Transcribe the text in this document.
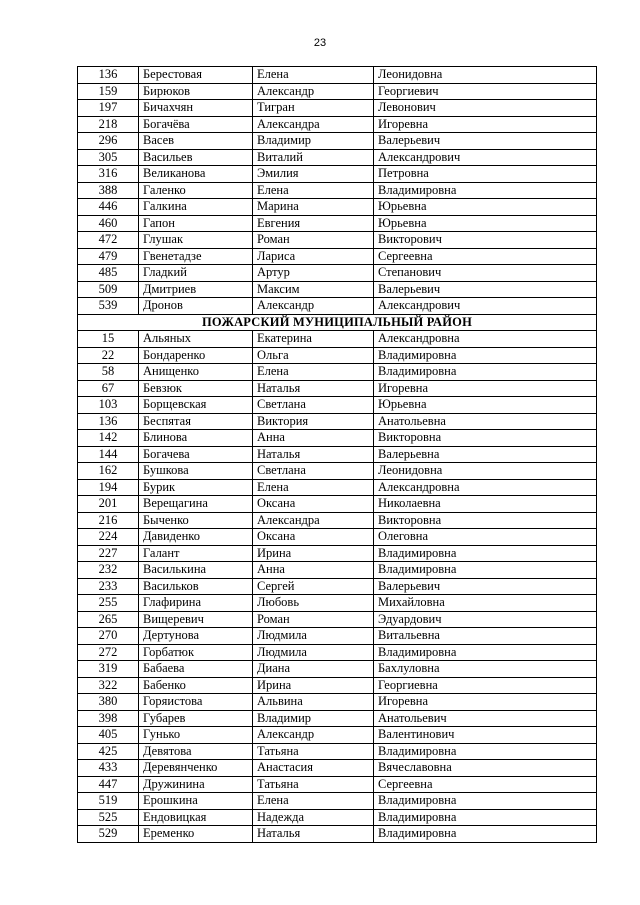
23
136	Берестовая	Елена	Леонидовна
159	Бирюков	Александр	Георгиевич
197	Бичахчян	Тигран	Левонович
218	Богачёва	Александра	Игоревна
296	Васев	Владимир	Валерьевич
305	Васильев	Виталий	Александрович
316	Великанова	Эмилия	Петровна
388	Галенко	Елена	Владимировна
446	Галкина	Марина	Юрьевна
460	Гапон	Евгения	Юрьевна
472	Глушак	Роман	Викторович
479	Гвенетадзе	Лариса	Сергеевна
485	Гладкий	Артур	Степанович
509	Дмитриев	Максим	Валерьевич
539	Дронов	Александр	Александрович
ПОЖАРСКИЙ МУНИЦИПАЛЬНЫЙ РАЙОН			
15	Альяных	Екатерина	Александровна
22	Бондаренко	Ольга	Владимировна
58	Анищенко	Елена	Владимировна
67	Бевзюк	Наталья	Игоревна
103	Борщевская	Светлана	Юрьевна
136	Беспятая	Виктория	Анатольевна
142	Блинова	Анна	Викторовна
144	Богачева	Наталья	Валерьевна
162	Бушкова	Светлана	Леонидовна
194	Бурик	Елена	Александровна
201	Верещагина	Оксана	Николаевна
216	Быченко	Александра	Викторовна
224	Давиденко	Оксана	Олеговна
227	Галант	Ирина	Владимировна
232	Василькина	Анна	Владимировна
233	Васильков	Сергей	Валерьевич
255	Глафирина	Любовь	Михайловна
265	Вищеревич	Роман	Эдуардович
270	Дертунова	Людмила	Витальевна
272	Горбатюк	Людмила	Владимировна
319	Бабаева	Диана	Бахлуловна
322	Бабенко	Ирина	Георгиевна
380	Горяистова	Альвина	Игоревна
398	Губарев	Владимир	Анатольевич
405	Гунько	Александр	Валентинович
425	Девятова	Татьяна	Владимировна
433	Деревянченко	Анастасия	Вячеславовна
447	Дружинина	Татьяна	Сергеевна
519	Ерошкина	Елена	Владимировна
525	Ендовицкая	Надежда	Владимировна
529	Еременко	Наталья	Владимировна
